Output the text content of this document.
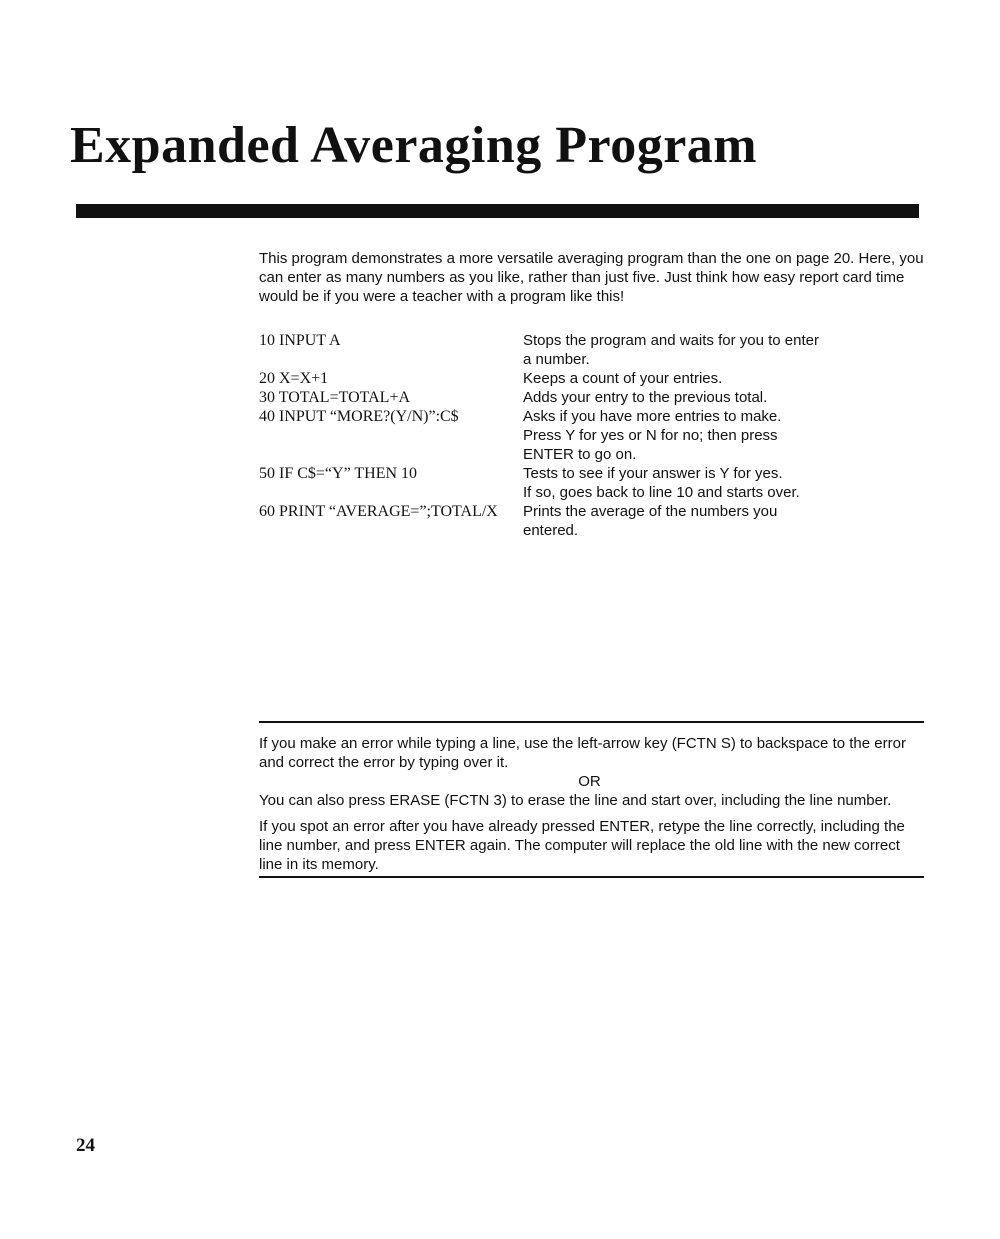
Expanded Averaging Program

This program demonstrates a more versatile averaging program than the one on page 20. Here, you can enter as many numbers as you like, rather than just five. Just think how easy report card time would be if you were a teacher with a program like this!

10 INPUT A	Stops the program and waits for you to enter
a number.
20 X=X+1	Keeps a count of your entries.
30 TOTAL=TOTAL+A	Adds your entry to the previous total.
40 INPUT “MORE?(Y/N)”:C$	Asks if you have more entries to make.
Press Y for yes or N for no; then press
ENTER to go on.
50 IF C$=“Y” THEN 10	Tests to see if your answer is Y for yes.
If so, goes back to line 10 and starts over.
60 PRINT “AVERAGE=”;TOTAL/X	Prints the average of the numbers you
entered.

If you make an error while typing a line, use the left-arrow key (FCTN S) to backspace to the error and correct the error by typing over it.

OR

You can also press ERASE (FCTN 3) to erase the line and start over, including the line number.

If you spot an error after you have already pressed ENTER, retype the line correctly, including the line number, and press ENTER again. The computer will replace the old line with the new correct line in its memory.

24
